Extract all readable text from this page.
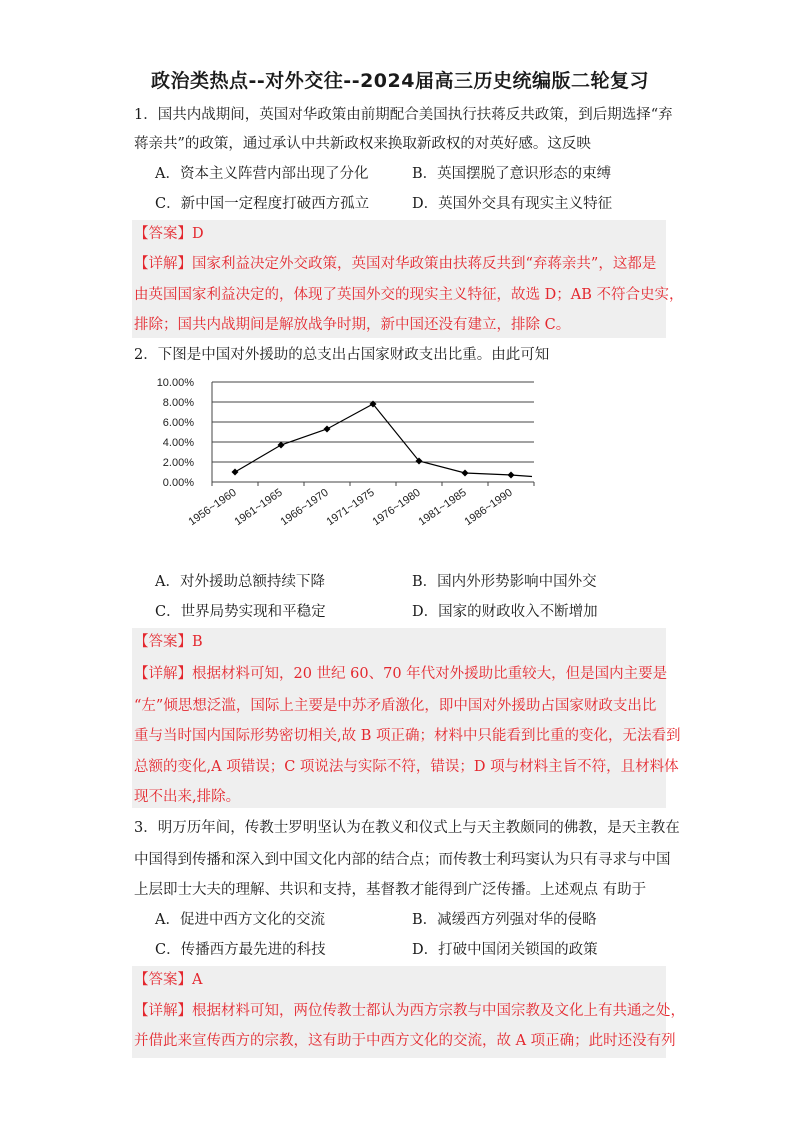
政治类热点--对外交往--2024届高三历史统编版二轮复习
1．国共内战期间，英国对华政策由前期配合美国执行扶蒋反共政策，到后期选择“弃
蒋亲共”的政策，通过承认中共新政权来换取新政权的对英好感。这反映
A．资本主义阵营内部出现了分化	B．英国摆脱了意识形态的束缚
C．新中国一定程度打破西方孤立	D．英国外交具有现实主义特征
【答案】D
【详解】国家利益决定外交政策，英国对华政策由扶蒋反共到“弃蒋亲共”，这都是
由英国国家利益决定的，体现了英国外交的现实主义特征，故选 D；AB 不符合史实，
排除；国共内战期间是解放战争时期，新中国还没有建立，排除 C。
2．下图是中国对外援助的总支出占国家财政支出比重。由此可知
0.00%
2.00%
4.00%
6.00%
8.00%
10.00%
1956~1960
1961~1965
1966~1970
1971~1975
1976~1980
1981~1985
1986~1990
A．对外援助总额持续下降	B．国内外形势影响中国外交
C．世界局势实现和平稳定	D．国家的财政收入不断增加
【答案】B
【详解】根据材料可知，20 世纪 60、70 年代对外援助比重较大，但是国内主要是
“左”倾思想泛滥，国际上主要是中苏矛盾激化，即中国对外援助占国家财政支出比
重与当时国内国际形势密切相关,故 B 项正确；材料中只能看到比重的变化，无法看到
总额的变化,A 项错误；C 项说法与实际不符，错误；D 项与材料主旨不符，且材料体
现不出来,排除。
3．明万历年间，传教士罗明坚认为在教义和仪式上与天主教颇同的佛教，是天主教在
中国得到传播和深入到中国文化内部的结合点；而传教士利玛窦认为只有寻求与中国
上层即士大夫的理解、共识和支持，基督教才能得到广泛传播。上述观点 有助于
A．促进中西方文化的交流	B．减缓西方列强对华的侵略
C．传播西方最先进的科技	D．打破中国闭关锁国的政策
【答案】A
【详解】根据材料可知，两位传教士都认为西方宗教与中国宗教及文化上有共通之处，
并借此来宣传西方的宗教，这有助于中西方文化的交流，故 A 项正确；此时还没有列
